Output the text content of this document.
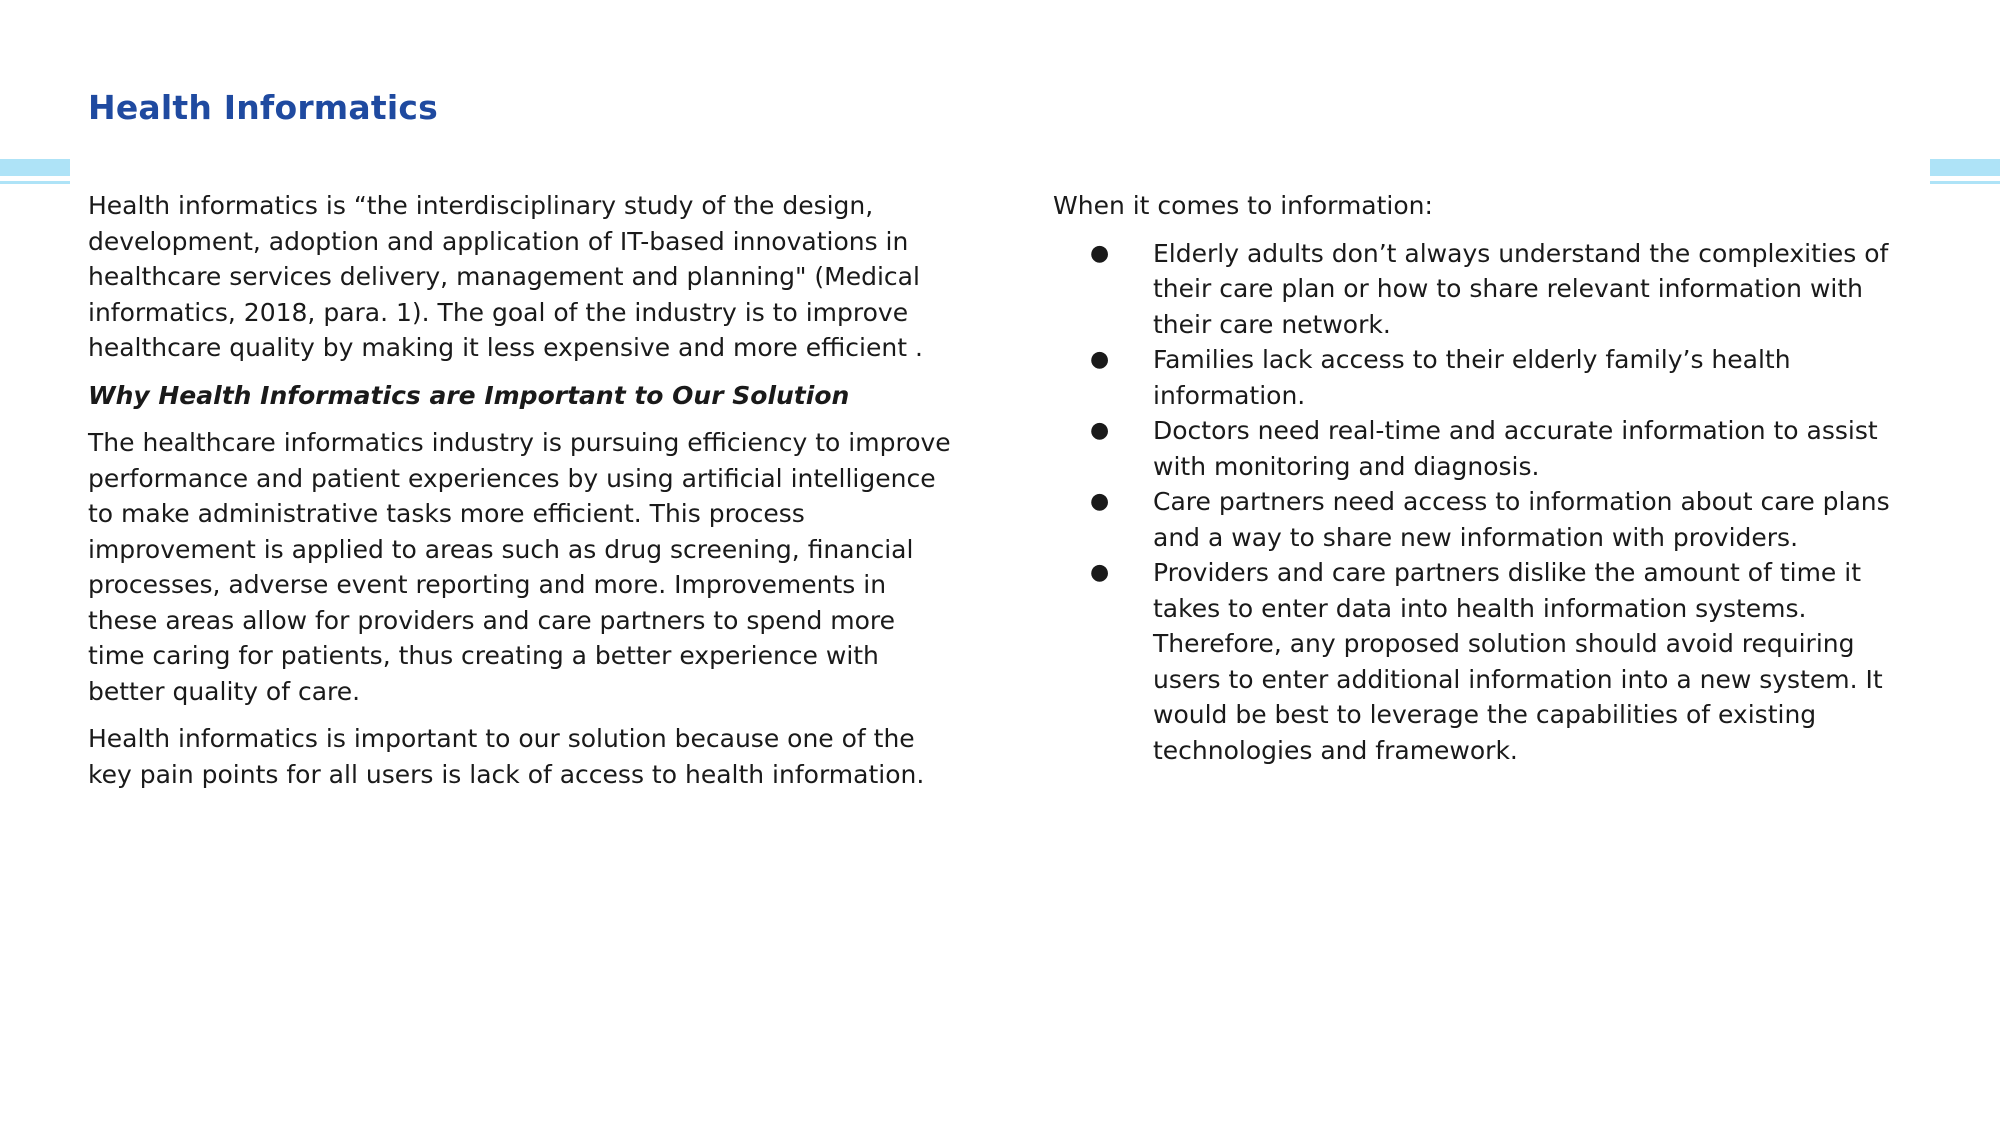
Health Informatics

Health informatics is “the interdisciplinary study of the design, development, adoption and application of IT-based innovations in healthcare services delivery, management and planning" (Medical informatics, 2018, para. 1). The goal of the industry is to improve healthcare quality by making it less expensive and more efficient .

Why Health Informatics are Important to Our Solution

The healthcare informatics industry is pursuing efficiency to improve performance and patient experiences by using artificial intelligence to make administrative tasks more efficient. This process improvement is applied to areas such as drug screening, financial processes, adverse event reporting and more. Improvements in these areas allow for providers and care partners to spend more time caring for patients, thus creating a better experience with better quality of care.

Health informatics is important to our solution because one of the key pain points for all users is lack of access to health information.

When it comes to information:

● Elderly adults don’t always understand the complexities of their care plan or how to share relevant information with their care network.
● Families lack access to their elderly family’s health information.
● Doctors need real-time and accurate information to assist with monitoring and diagnosis.
● Care partners need access to information about care plans and a way to share new information with providers.
● Providers and care partners dislike the amount of time it takes to enter data into health information systems. Therefore, any proposed solution should avoid requiring users to enter additional information into a new system. It would be best to leverage the capabilities of existing technologies and framework.
